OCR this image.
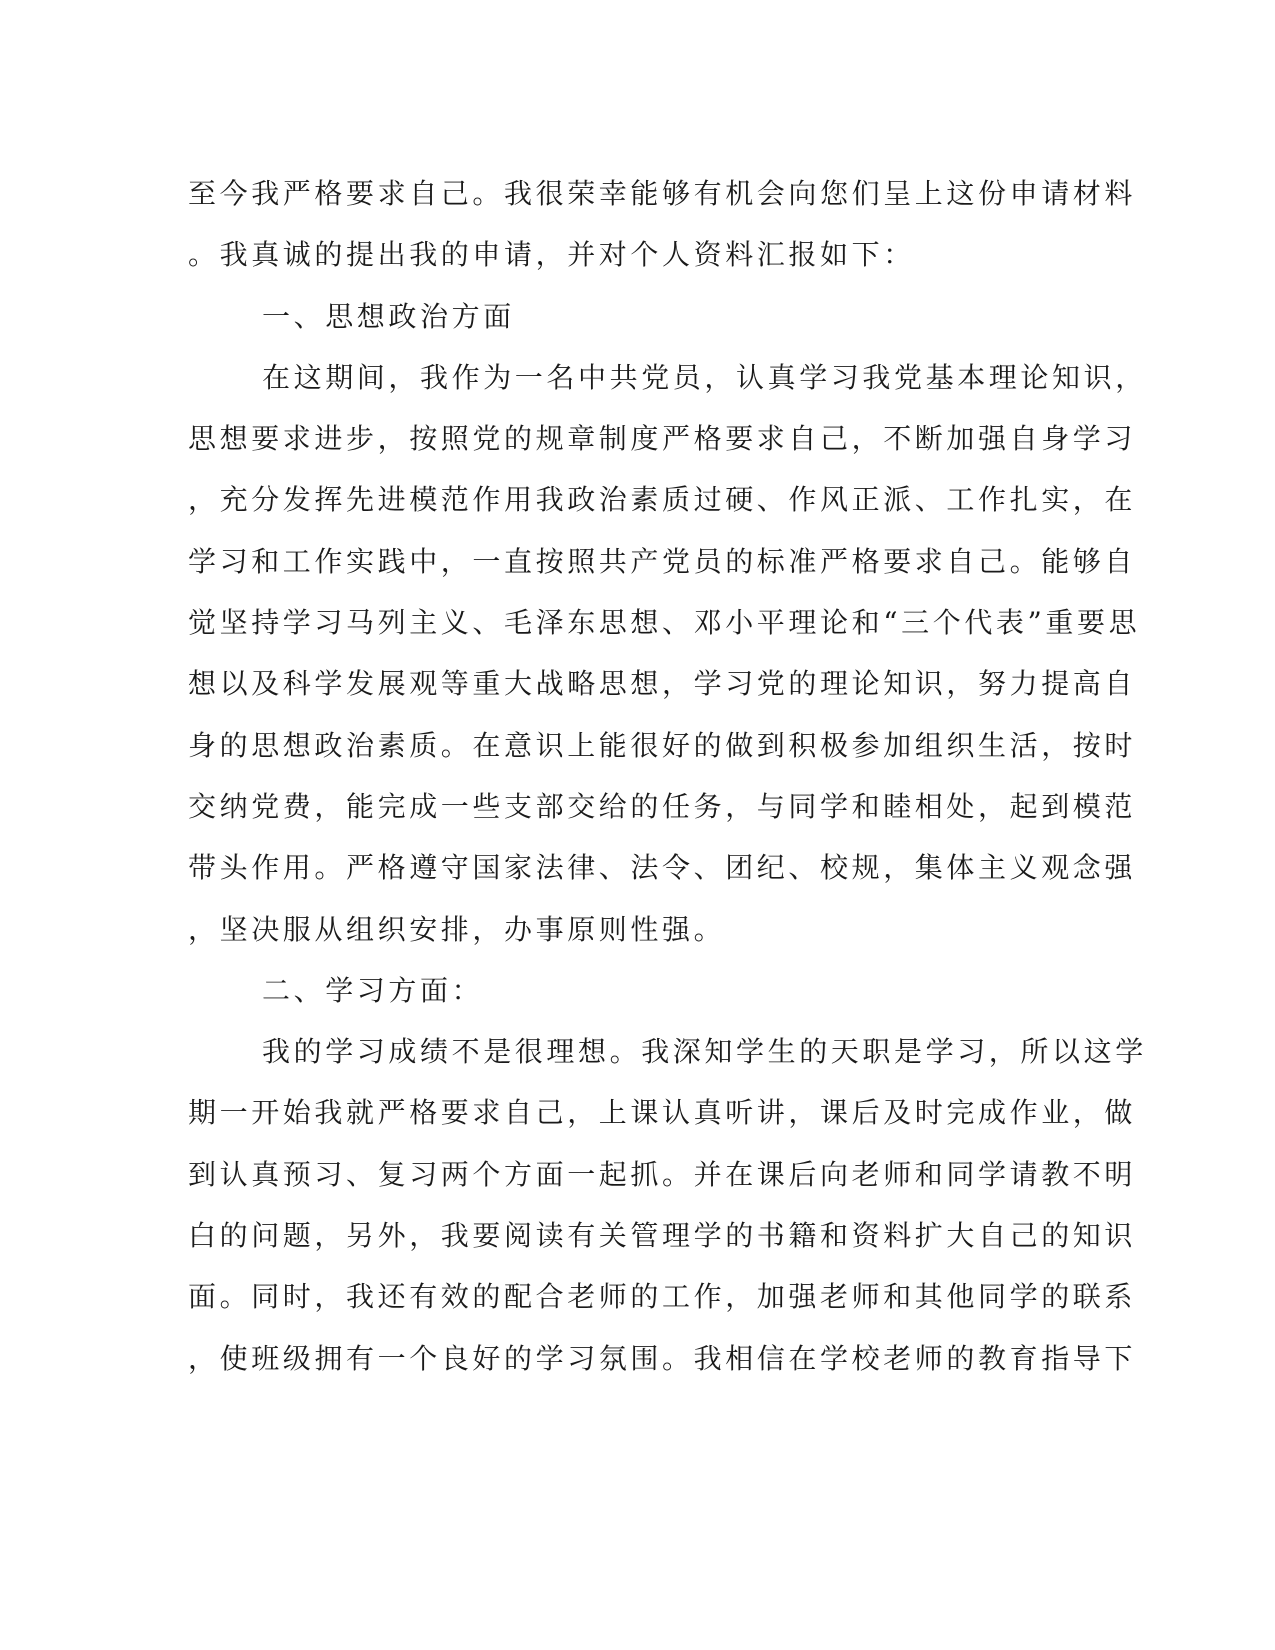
至今我严格要求自己。我很荣幸能够有机会向您们呈上这份申请材料
。我真诚的提出我的申请，并对个人资料汇报如下：
一、思想政治方面
在这期间，我作为一名中共党员，认真学习我党基本理论知识，
思想要求进步，按照党的规章制度严格要求自己，不断加强自身学习
，充分发挥先进模范作用我政治素质过硬、作风正派、工作扎实，在
学习和工作实践中，一直按照共产党员的标准严格要求自己。能够自
觉坚持学习马列主义、毛泽东思想、邓小平理论和“三个代表”重要思
想以及科学发展观等重大战略思想，学习党的理论知识，努力提高自
身的思想政治素质。在意识上能很好的做到积极参加组织生活，按时
交纳党费，能完成一些支部交给的任务，与同学和睦相处，起到模范
带头作用。严格遵守国家法律、法令、团纪、校规，集体主义观念强
，坚决服从组织安排，办事原则性强。
二、学习方面：
我的学习成绩不是很理想。我深知学生的天职是学习，所以这学
期一开始我就严格要求自己，上课认真听讲，课后及时完成作业，做
到认真预习、复习两个方面一起抓。并在课后向老师和同学请教不明
白的问题，另外，我要阅读有关管理学的书籍和资料扩大自己的知识
面。同时，我还有效的配合老师的工作，加强老师和其他同学的联系
，使班级拥有一个良好的学习氛围。我相信在学校老师的教育指导下
